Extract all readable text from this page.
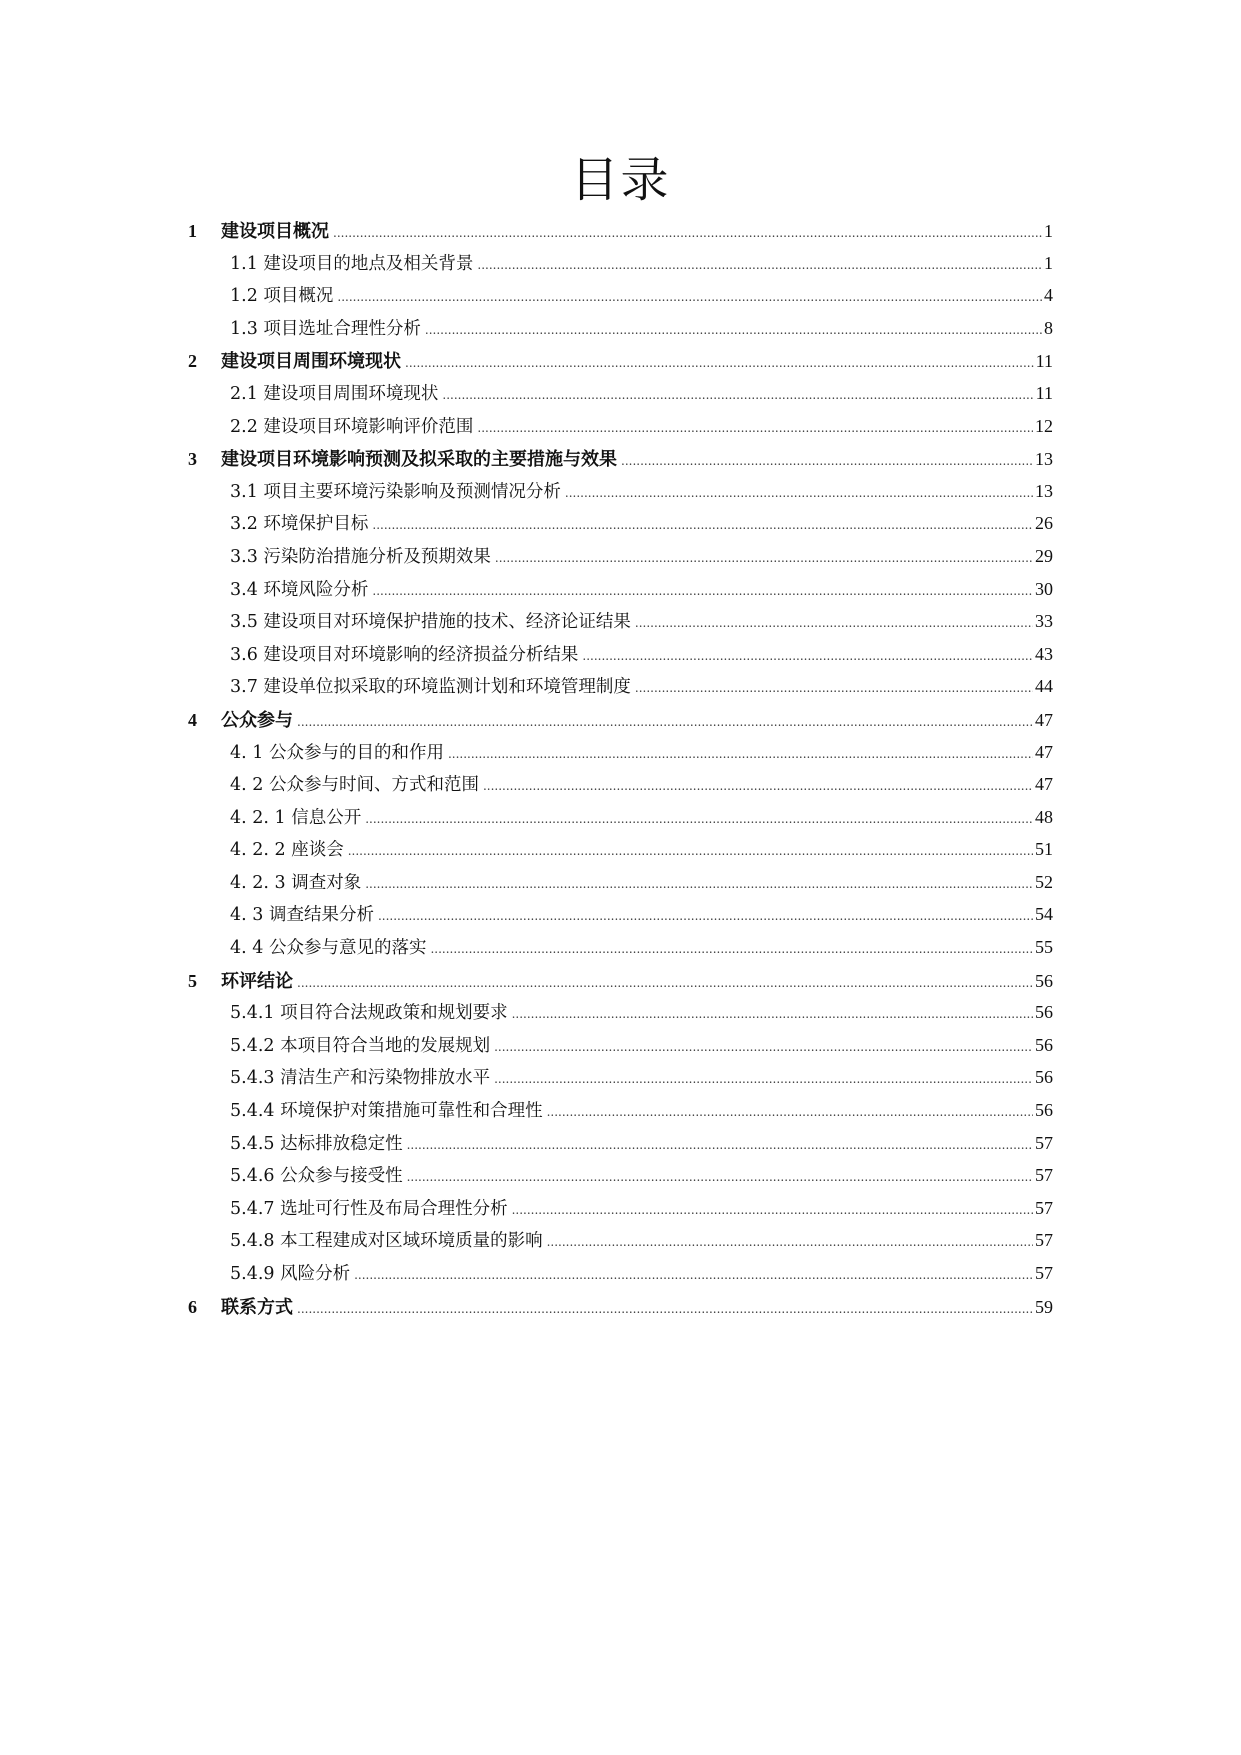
目录
1	建设项目概况 .....	1
1.1 建设项目的地点及相关背景 .....	1
1.2 项目概况 .....	4
1.3 项目选址合理性分析 .....	8
2	建设项目周围环境现状 .....	11
2.1 建设项目周围环境现状 .....	11
2.2 建设项目环境影响评价范围 .....	12
3	建设项目环境影响预测及拟采取的主要措施与效果 .....	13
3.1 项目主要环境污染影响及预测情况分析 .....	13
3.2 环境保护目标 .....	26
3.3 污染防治措施分析及预期效果 .....	29
3.4 环境风险分析 .....	30
3.5 建设项目对环境保护措施的技术、经济论证结果 .....	33
3.6 建设项目对环境影响的经济损益分析结果 .....	43
3.7 建设单位拟采取的环境监测计划和环境管理制度 .....	44
4	公众参与 .....	47
4. 1 公众参与的目的和作用 .....	47
4. 2 公众参与时间、方式和范围 .....	47
4. 2. 1 信息公开 .....	48
4. 2. 2 座谈会 .....	51
4. 2. 3 调查对象 .....	52
4. 3 调查结果分析 .....	54
4. 4 公众参与意见的落实 .....	55
5	环评结论 .....	56
5.4.1 项目符合法规政策和规划要求 .....	56
5.4.2 本项目符合当地的发展规划 .....	56
5.4.3 清洁生产和污染物排放水平 .....	56
5.4.4 环境保护对策措施可靠性和合理性 .....	56
5.4.5 达标排放稳定性 .....	57
5.4.6 公众参与接受性 .....	57
5.4.7 选址可行性及布局合理性分析 .....	57
5.4.8 本工程建成对区域环境质量的影响 .....	57
5.4.9 风险分析 .....	57
6	联系方式 .....	59
